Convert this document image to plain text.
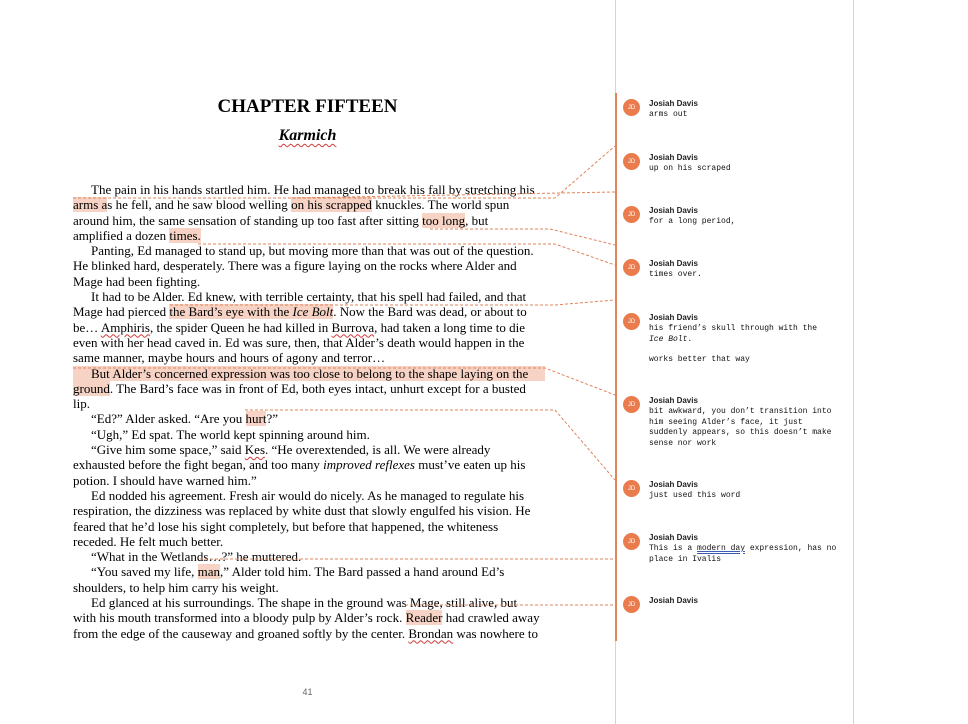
CHAPTER FIFTEEN
Karmich
The pain in his hands startled him. He had managed to break his fall by stretching his
arms as he fell, and he saw blood welling on his scrapped knuckles. The world spun
around him, the same sensation of standing up too fast after sitting too long, but
amplified a dozen times.
Panting, Ed managed to stand up, but moving more than that was out of the question.
He blinked hard, desperately. There was a figure laying on the rocks where Alder and
Mage had been fighting.
It had to be Alder. Ed knew, with terrible certainty, that his spell had failed, and that
Mage had pierced the Bard’s eye with the Ice Bolt. Now the Bard was dead, or about to
be… Amphiris, the spider Queen he had killed in Burrova, had taken a long time to die
even with her head caved in. Ed was sure, then, that Alder’s death would happen in the
same manner, maybe hours and hours of agony and terror…
But Alder’s concerned expression was too close to belong to the shape laying on the
ground. The Bard’s face was in front of Ed, both eyes intact, unhurt except for a busted
lip.
“Ed?” Alder asked. “Are you hurt?”
“Ugh,” Ed spat. The world kept spinning around him.
“Give him some space,” said Kes. “He overextended, is all. We were already
exhausted before the fight began, and too many improved reflexes must’ve eaten up his
potion. I should have warned him.”
Ed nodded his agreement. Fresh air would do nicely. As he managed to regulate his
respiration, the dizziness was replaced by white dust that slowly engulfed his vision. He
feared that he’d lose his sight completely, but before that happened, the whiteness
receded. He felt much better.
“What in the Wetlands…?” he muttered.
“You saved my life, man,” Alder told him. The Bard passed a hand around Ed’s
shoulders, to help him carry his weight.
Ed glanced at his surroundings. The shape in the ground was Mage, still alive, but
with his mouth transformed into a bloody pulp by Alder’s rock. Reader had crawled away
from the edge of the causeway and groaned softly by the center. Brondan was nowhere to
41
JD	Josiah Davis

arms out

JD	Josiah Davis

up on his scraped

JD	Josiah Davis

for a long period,

JD	Josiah Davis

times over.

JD	Josiah Davis

his friend’s skull through with the

Ice Bolt.

works better that way

JD	Josiah Davis

bit awkward, you don’t transition into him seeing Alder’s face, it just suddenly appears, so this doesn’t make sense nor work

JD	Josiah Davis

just used this word

JD	Josiah Davis

This is a modern day expression, has no place in Ivalis

JD	Josiah Davis
